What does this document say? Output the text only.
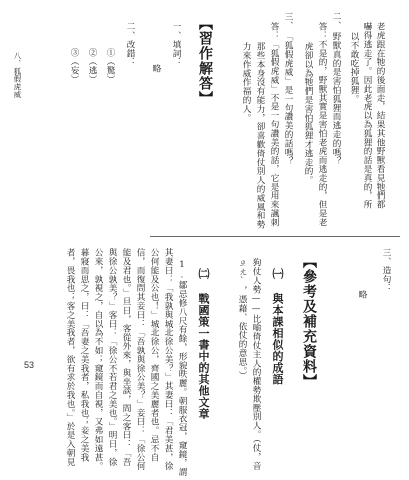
老虎跟在牠的後面走，結果其他野獸看見牠們都
嚇得逃走了。因此老虎以為狐狸的話是真的，所
以不敢吃掉狐狸。
二、
野獸真的是害怕狐狸而逃走的嗎？
答：不是的，野獸其實是害怕老虎而逃走的，但是老
虎卻以為牠們是害怕狐狸才逃走的。
三、
「狐假虎威」是一句讚美的話嗎？
答：「狐假虎威」不是一句讚美的話，它是用來諷刺
那些本身沒有能力，卻喜歡倚仗別人的威風和勢
力來作威作福的人。
【習作解答】
一、填詞：
略
二、改錯：
①（驚）
②（逃）
③（妄）
八、狐假虎威
三、造句：
略
【參考及補充資料】
㈠ 與本課相似的成語
狗仗人勢——比喻倚仗主人的權勢欺壓別人。（仗，音
ㄓㄤˋ，憑藉、依仗的意思。）
㈡ 戰國策一書中的其他文章
1.鄒忌修八尺有餘，形貌昳麗。朝服衣冠，窺鏡，謂
其妻曰：「我孰與城北徐公美？」其妻曰：「君美甚，徐
公何能及公也！」城北徐公，齊國之美麗者也。忌不自
信，而復問其妾曰：「吾孰與徐公美？」妾曰：「徐公何
能及君也。」旦日，客從外來，與坐談，問之客曰：「吾
與徐公孰美？」客曰：「徐公不若君之美也。」明日，徐
公來，孰視之，自以為不如；窺鏡而自視，又弗如遠甚。
暮寢而思之，曰：「吾妻之美我者，私我也；妾之美我
者，畏我也；客之美我者，欲有求於我也。」於是入朝見
53
